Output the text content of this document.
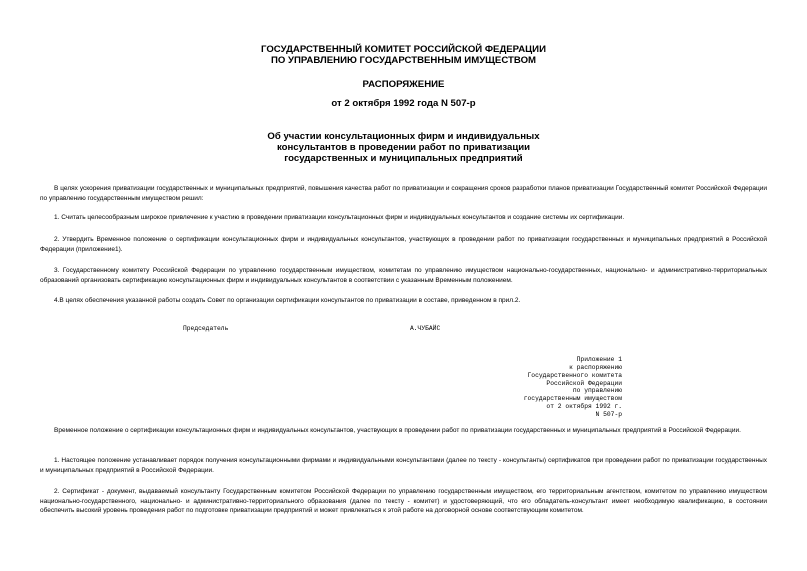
ГОСУДАРСТВЕННЫЙ КОМИТЕТ РОССИЙСКОЙ ФЕДЕРАЦИИ
ПО УПРАВЛЕНИЮ ГОСУДАРСТВЕННЫМ ИМУЩЕСТВОМ
РАСПОРЯЖЕНИЕ
от 2 октября 1992 года N 507-р
Об участии консультационных фирм и индивидуальных
консультантов в проведении работ по приватизации
государственных и муниципальных предприятий
В целях ускорения приватизации государственных и муниципальных предприятий, повышения качества работ по приватизации и сокращения сроков разработки планов приватизации Государственный комитет Российской Федерации по управлению государственным имуществом решил:
1. Считать целесообразным широкое привлечение к участию в проведении приватизации консультационных фирм и индивидуальных консультантов и создание системы их сертификации.
2. Утвердить Временное положение о сертификации консультационных фирм и индивидуальных консультантов, участвующих в проведении работ по приватизации государственных и муниципальных предприятий в Российской Федерации (приложение1).
3. Государственному комитету Российской Федерации по управлению государственным имуществом, комитетам по управлению имуществом национально-государственных, национально- и административно-территориальных образований организовать сертификацию консультационных фирм и индивидуальных консультантов в соответствии с указанным Временным положением.
4.В целях обеспечения указанной работы создать Совет по организации сертификации консультантов по приватизации в составе, приведенном в прил.2.
Председатель	А.ЧУБАЙС
Приложение 1
к распоряжению
Государственного комитета
Российской Федерации
по управлению
государственным имуществом
от 2 октября 1992 г.
N 507-р
Временное положение о сертификации консультационных фирм и индивидуальных консультантов, участвующих в проведении работ по приватизации государственных и муниципальных предприятий в Российской Федерации.
1. Настоящее положение устанавливает порядок получения консультационными фирмами и индивидуальными консультантами (далее по тексту - консультанты) сертификатов при проведении работ по приватизации государственных и муниципальных предприятий в Российской Федерации.
2. Сертификат - документ, выдаваемый консультанту Государственным комитетом Российской Федерации по управлению государственным имуществом, его территориальным агентством, комитетом по управлению имуществом национально-государственного, национально- и административно-территориального образования (далее по тексту - комитет) и удостоверяющий, что его обладатель-консультант имеет необходимую квалификацию, в состоянии обеспечить высокий уровень проведения работ по подготовке приватизации предприятий и может привлекаться к этой работе на договорной основе соответствующим комитетом.
